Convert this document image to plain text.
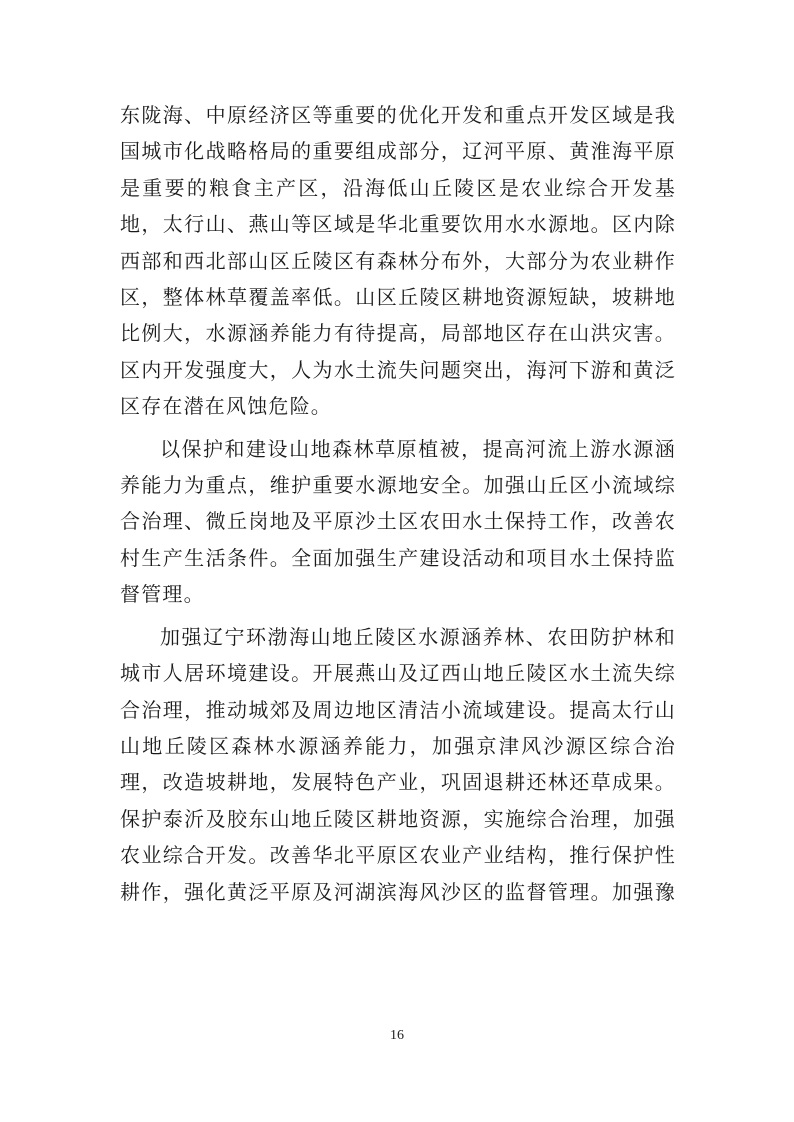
东陇海、中原经济区等重要的优化开发和重点开发区域是我

国城市化战略格局的重要组成部分，辽河平原、黄淮海平原

是重要的粮食主产区，沿海低山丘陵区是农业综合开发基

地，太行山、燕山等区域是华北重要饮用水水源地。区内除

西部和西北部山区丘陵区有森林分布外，大部分为农业耕作

区，整体林草覆盖率低。山区丘陵区耕地资源短缺，坡耕地

比例大，水源涵养能力有待提高，局部地区存在山洪灾害。

区内开发强度大，人为水土流失问题突出，海河下游和黄泛

区存在潜在风蚀危险。

以保护和建设山地森林草原植被，提高河流上游水源涵

养能力为重点，维护重要水源地安全。加强山丘区小流域综

合治理、微丘岗地及平原沙土区农田水土保持工作，改善农

村生产生活条件。全面加强生产建设活动和项目水土保持监

督管理。

加强辽宁环渤海山地丘陵区水源涵养林、农田防护林和

城市人居环境建设。开展燕山及辽西山地丘陵区水土流失综

合治理，推动城郊及周边地区清洁小流域建设。提高太行山

山地丘陵区森林水源涵养能力，加强京津风沙源区综合治

理，改造坡耕地，发展特色产业，巩固退耕还林还草成果。

保护泰沂及胶东山地丘陵区耕地资源，实施综合治理，加强

农业综合开发。改善华北平原区农业产业结构，推行保护性

耕作，强化黄泛平原及河湖滨海风沙区的监督管理。加强豫

16
